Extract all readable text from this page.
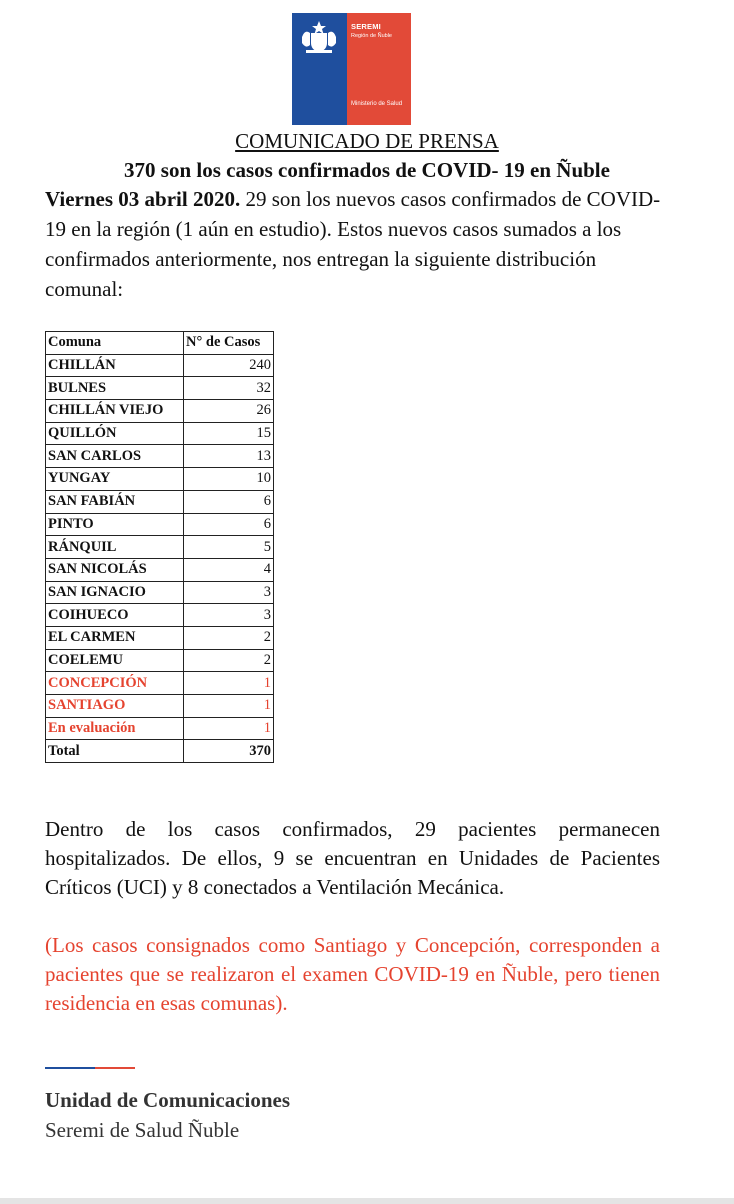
SEREMI
Región de Ñuble
Ministerio de Salud
COMUNICADO DE PRENSA
370 son los casos confirmados de COVID- 19 en Ñuble
Viernes 03 abril 2020. 29 son los nuevos casos confirmados de COVID- 19 en la región (1 aún en estudio). Estos nuevos casos sumados a los confirmados anteriormente, nos entregan la siguiente distribución comunal:
Comuna	N° de Casos
CHILLÁN	240
BULNES	32
CHILLÁN VIEJO	26
QUILLÓN	15
SAN CARLOS	13
YUNGAY	10
SAN FABIÁN	6
PINTO	6
RÁNQUIL	5
SAN NICOLÁS	4
SAN IGNACIO	3
COIHUECO	3
EL CARMEN	2
COELEMU	2
CONCEPCIÓN	1
SANTIAGO	1
En evaluación	1
Total	370
Dentro de los casos confirmados, 29 pacientes permanecen hospitalizados. De ellos, 9 se encuentran en Unidades de Pacientes Críticos (UCI) y 8 conectados a Ventilación Mecánica.
(Los casos consignados como Santiago y Concepción, corresponden a pacientes que se realizaron el examen COVID-19 en Ñuble, pero tienen residencia en esas comunas).
Unidad de Comunicaciones
Seremi de Salud Ñuble
